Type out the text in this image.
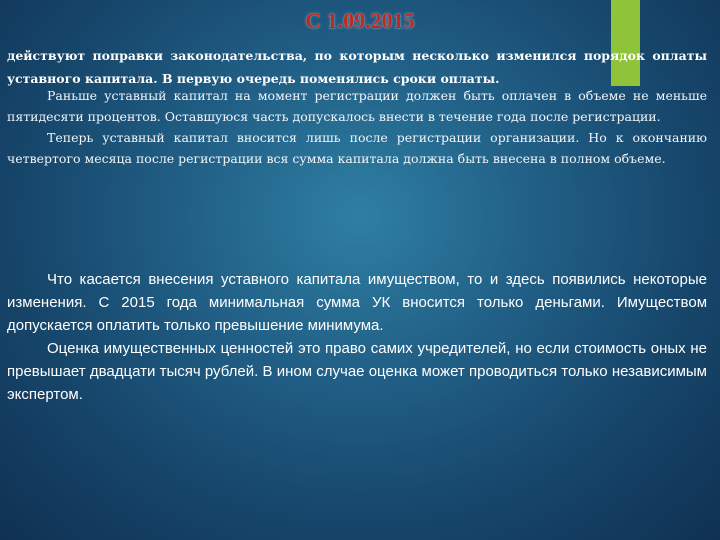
С 1.09.2015

действуют поправки законодательства, по которым несколько изменился порядок оплаты уставного капитала. В первую очередь поменялись сроки оплаты.

Раньше уставный капитал на момент регистрации должен быть оплачен в объеме не меньше пятидесяти процентов. Оставшуюся часть допускалось внести в течение года после регистрации.

Теперь уставный капитал вносится лишь после регистрации организации. Но к окончанию четвертого месяца после регистрации вся сумма капитала должна быть внесена в полном объеме.

Что касается внесения уставного капитала имуществом, то и здесь появились некоторые изменения. С 2015 года минимальная сумма УК вносится только деньгами. Имуществом допускается оплатить только превышение минимума.

Оценка имущественных ценностей это право самих учредителей, но если стоимость оных не превышает двадцати тысяч рублей. В ином случае оценка может проводиться только независимым экспертом.
